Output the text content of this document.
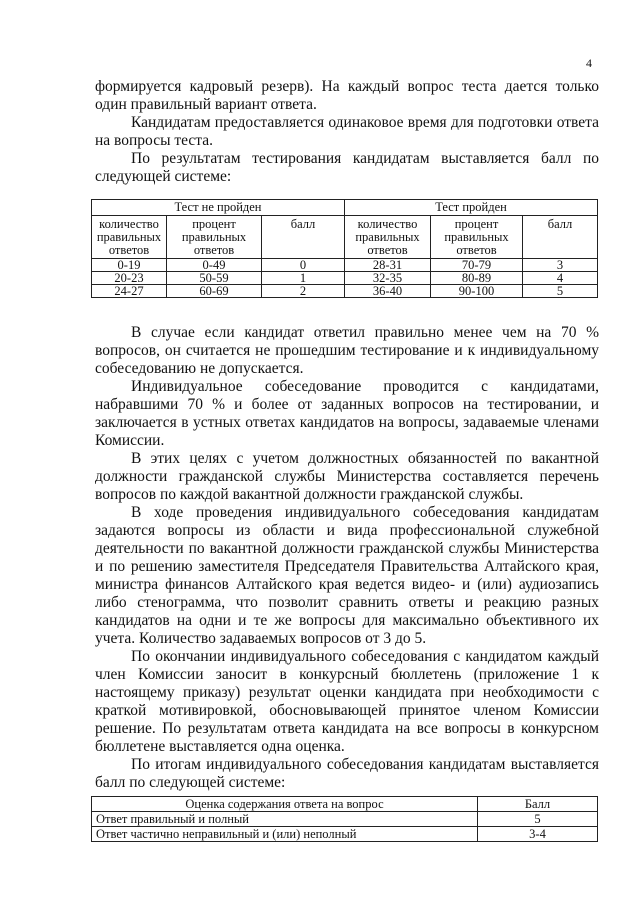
4

формируется кадровый резерв). На каждый вопрос теста дается только один правильный вариант ответа.

Кандидатам предоставляется одинаковое время для подготовки ответа на вопросы теста.

По результатам тестирования кандидатам выставляется балл по следующей системе:

Тест не пройден			Тест пройден		
количество правильных ответов	процент правильных ответов	балл	количество правильных ответов	процент правильных ответов	балл
0-19	0-49	0	28-31	70-79	3
20-23	50-59	1	32-35	80-89	4
24-27	60-69	2	36-40	90-100	5

В случае если кандидат ответил правильно менее чем на 70 % вопросов, он считается не прошедшим тестирование и к индивидуальному собеседованию не допускается.

Индивидуальное собеседование проводится с кандидатами, набравшими 70 % и более от заданных вопросов на тестировании, и заключается в устных ответах кандидатов на вопросы, задаваемые членами Комиссии.

В этих целях с учетом должностных обязанностей по вакантной должности гражданской службы Министерства составляется перечень вопросов по каждой вакантной должности гражданской службы.

В ходе проведения индивидуального собеседования кандидатам задаются вопросы из области и вида профессиональной служебной деятельности по вакантной должности гражданской службы Министерства и по решению заместителя Председателя Правительства Алтайского края, министра финансов Алтайского края ведется видео- и (или) аудиозапись либо стенограмма, что позволит сравнить ответы и реакцию разных кандидатов на одни и те же вопросы для максимально объективного их учета. Количество задаваемых вопросов от 3 до 5.

По окончании индивидуального собеседования с кандидатом каждый член Комиссии заносит в конкурсный бюллетень (приложение 1 к настоящему приказу) результат оценки кандидата при необходимости с краткой мотивировкой, обосновывающей принятое членом Комиссии решение. По результатам ответа кандидата на все вопросы в конкурсном бюллетене выставляется одна оценка.

По итогам индивидуального собеседования кандидатам выставляется балл по следующей системе:

Оценка содержания ответа на вопрос	Балл
Ответ правильный и полный	5
Ответ частично неправильный и (или) неполный	3-4
